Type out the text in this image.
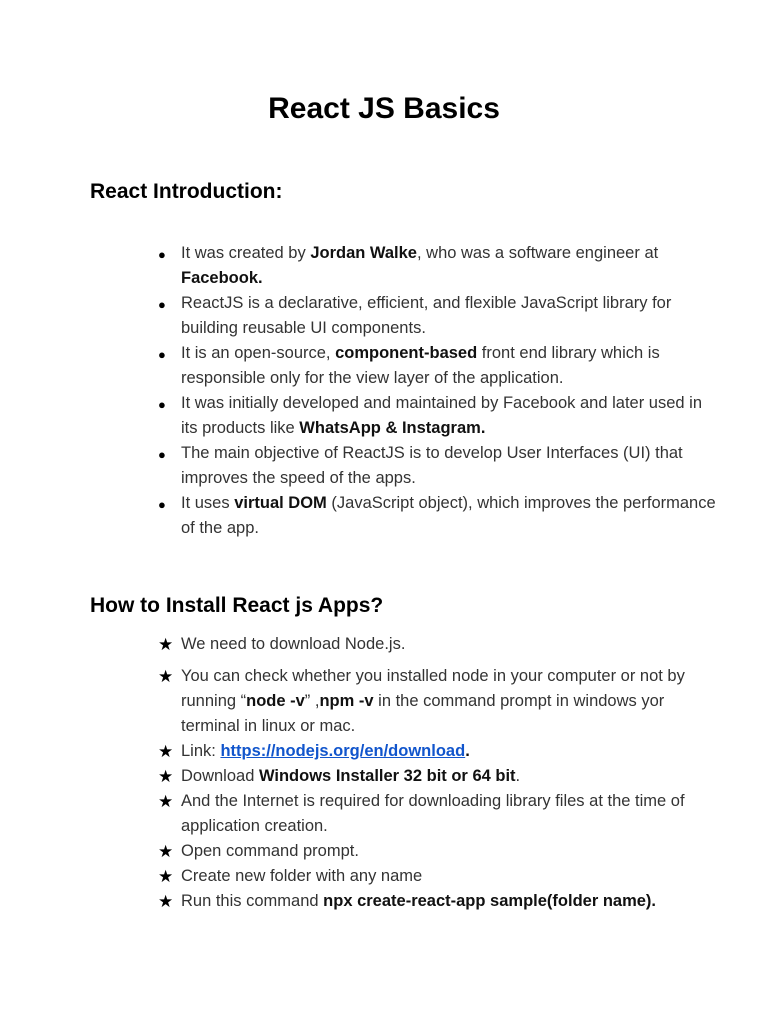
React JS Basics
React Introduction:
● It was created by Jordan Walke, who was a software engineer at Facebook.
● ReactJS is a declarative, efficient, and flexible JavaScript library for building reusable UI components.
● It is an open-source, component-based front end library which is responsible only for the view layer of the application.
● It was initially developed and maintained by Facebook and later used in its products like WhatsApp & Instagram.
● The main objective of ReactJS is to develop User Interfaces (UI) that improves the speed of the apps.
● It uses virtual DOM (JavaScript object), which improves the performance of the app.
How to Install React js Apps?
★ We need to download Node.js.
★ You can check whether you installed node in your computer or not by running “node -v” ,npm -v in the command prompt in windows yor terminal in linux or mac.
★ Link: https://nodejs.org/en/download.
★ Download Windows Installer 32 bit or 64 bit.
★ And the Internet is required for downloading library files at the time of application creation.
★ Open command prompt.
★ Create new folder with any name
★ Run this command npx create-react-app sample(folder name).
